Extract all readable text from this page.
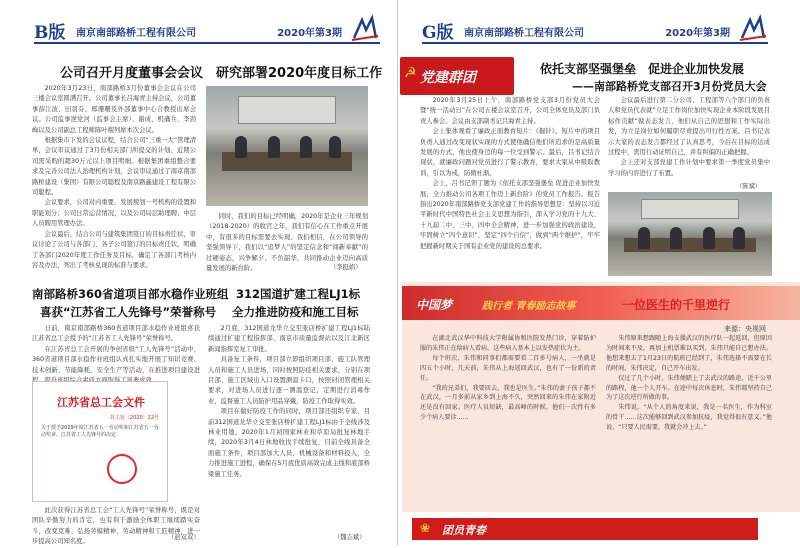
B版 南京南部路桥工程有限公司	2020年第3期
公司召开月度董事会会议　研究部署2020年度目标工作
2020年3月23日，南部路桥3月份董事会会议在公司三楼会议室圆满召开。公司董事长吕海青主持会议，公司董事薛江波、田羽芬、郑珊珊及外部董事中心合教授出席会议。公司监事逆党河（监事会主席）、谢成、机确兵、李劲峋以及公司副总工程师陈叶稷列席本次会议。
根据集市下发的会议议程，结合公司“三重一大”管理清单，会议审议通过了3月份相关部门所提交的计划、近期公司需采购的超30万元以上项目明细。根据集团重组整合要求及完善公司法人治理机构计划，会议审议通过了南京南部路桥建设（集团）有限公司聪程及南京路鑫建设工程有限公司聪程。
会议要求，公司对内重要，发展规划一号机构的设置和职能划分；公司日常运营情况，以及公司局层助理聘、中层人员聘用管理办法。
会议最后，结合公司与建筑集团签订的目标责任状，审议讨论了公司与各部门、各子公司签订的目标责任状，明确了各部门2020年度工作任务及目标，确定了各部门考核内容及办法，列出了考核兑现的标准与要求。
同时，我们的目标已经明确，2020年是企业三年规划（2018-2020）的收官之年，我们有信心在工作重点开展中，有很多的目标需要去实现。我们相信，在公司领导的坚强领导下，我们以“追梦人”的坚定信念和“闯新奉献”的过硬姿态，兴争解夕、不负韶华，共同推动企业迈向高质量发展的新台阶。	（李挺娟）
南部路桥360省道项目部水稳作业班组
喜获“江苏省工人先锋号”荣誉称号
312国道扩建工程LJ1标
全力推进防疫和施工目标
日前，南京南部路桥360省道项目部水稳作业班组喜获江苏省总工会授予的“江苏省工人先锋号”荣誉称号。
在江苏省总工会开展的争创省级“工人先锋号”活动中，360省道项目部水稳作业班组认真扎实地开展了知识竞赛、技术创新、节能降耗、安全生产等活动，在推进项目建设进
江苏省总工会文件
苏工发〔2020〕22号
关于授予2019年度江苏省五一劳动奖和江苏省五一劳动奖章、江苏省工人先锋号的决定
此次获得江苏省总工会“工人先锋号”荣誉称号，既是对团队辛勤努力的肯定，也有利于激励全体职工继续踏实奋斗，改变克难、弘扬劳模精神、劳动精神和工匠精神，进一步提高公司知名度。
（赵双双）
2月底，312国道龙华立交至张店桥扩建工程LJ1标陆续通过扩建工程指挥部、南京市质量监督站以及江北新区新闻指挥室复工审批。
具备复工条件，项目部立即组织项目部、施工队管理人员和施工人员进场，同时按照防疫相关要求，分别在项目部、施工区域出入口设置测温卡口，按照封闭管理相关要求，对进场人员进行逐一测温登记，定期进行消毒作业，监督施工人员防护用品穿戴，防疫工作取得实效。
项目在做好防疫工作的同时，项目部还组织专家，目前312国道龙华立交至张店桥扩建工程LJ1标由于全线涉及林业用地，2020年1月初国家林业和草原局批复林地手续，2020年3月4日林地收伐手续批复，目前全线具备全面施工条件，项目部加大人员、机械设备和材料投入，全力推进施工进程，确保在5月底优质高效完成主线和底部桥梁施工任务。
（魏志斌）
G版 南京南部路桥工程有限公司	2020年第3期
☭ 党建群团
依托支部坚强堡垒　促进企业加快发展
——南部路桥党支部召开3月份党员大会
2020年3月25日上午，南部路桥党支部3月份党员大会暨“统一活动日”在公司五楼会议室召开，公司全体党员及部门负责人参会。会议由支部副书记吕海青主持。
会上集体观看了廉政正面教育短片：《掘针》。短片中的项目负责人通过改变现状实现的方式使他确信他们所追求的是高质量发展的方式，他也使身边的每一位受到警示。最后，吕书记结合现状，就廉政问题对党员进行了警示教育，要求大家从中吸取教训，引以为戒，防微杜渐。
会上，吕书记领了题为《依托支部坚强堡垒 促进企业加快发展，全力推动公司各项工作迈上新台阶》的党员工作报告。报告指出2020年南部路桥党支部党建工作的指导思想是：坚持以习近平新时代中国特色社会主义思想为指引，深入学习党的十九大、十九届二中、三中、四中全会精神，进一步加强党的政治建设，牢固树立“四个意识”，坚定“四个自信”，做到“两个维护”，牢牢把握新时期关于国有企业党的建设的总要求。
会议最后进行第二分公司、工程部等六个部门的负责人和党员代表就“立足工作岗位加快实现企业本阶段发展目标作贡献”做表态发言，他们从自己的思想和工作实际出发，为立足岗位如何履职尽责提出可行性方案。吕书记表示大家的表态发言都经过了认真思考，今后在目标的达成过程中，需用行动证明自己，并有纠偏的正确把握。
会上还对支部党建工作计划中要求第一季度党员集中学习的内容进行了布置。
（陈斌）
中国梦	践行者 青春励志故事	一位医生的千里逆行
来源：央视网
在湖北武汉华中科技大学附属协和医院发热门诊，穿着防护服的朱伟正在给病人看病。这些病人基本上以发热症状为主。
每个班次，朱伟和同事们都需要看二百多号病人，一坐就是四五个小时，几天前，朱伟从上海返回武汉，也有了一份新的责任。
“我的兄弟们，我要回去，我也是医生。”朱伟的妻子孩子都不在武汉，一月多前从家乡到上海不久，突然回来的朱伟在家附近还是没有回家。医疗人员短缺，最高峰的时候，他们一次性有多少个病人要诊……
朱伟原来想跟随上海支援武汉的医疗队一起返回，但原因为时间来不及，再加上机票难以买到，朱伟只能自己想办法。他想来想去了1月23日的航班已经到了，朱伟选择不需要在长的时间，朱伟决定，自己开车出发。
仅过了几个小时，朱伟便踏上了去武汉的路途，近千公里的路程，他一个人开车。在途中每次休息时，朱伟都坚持自己为了这次逆行所做的事。
朱伟说，“从个人的角度来说，我是一名医生，作为科室的骨干……这次能够回到武汉参加抗疫，我觉得很有意义。”他说，“只要人民需要，我就会冲上去。”
❀ 团员青春
